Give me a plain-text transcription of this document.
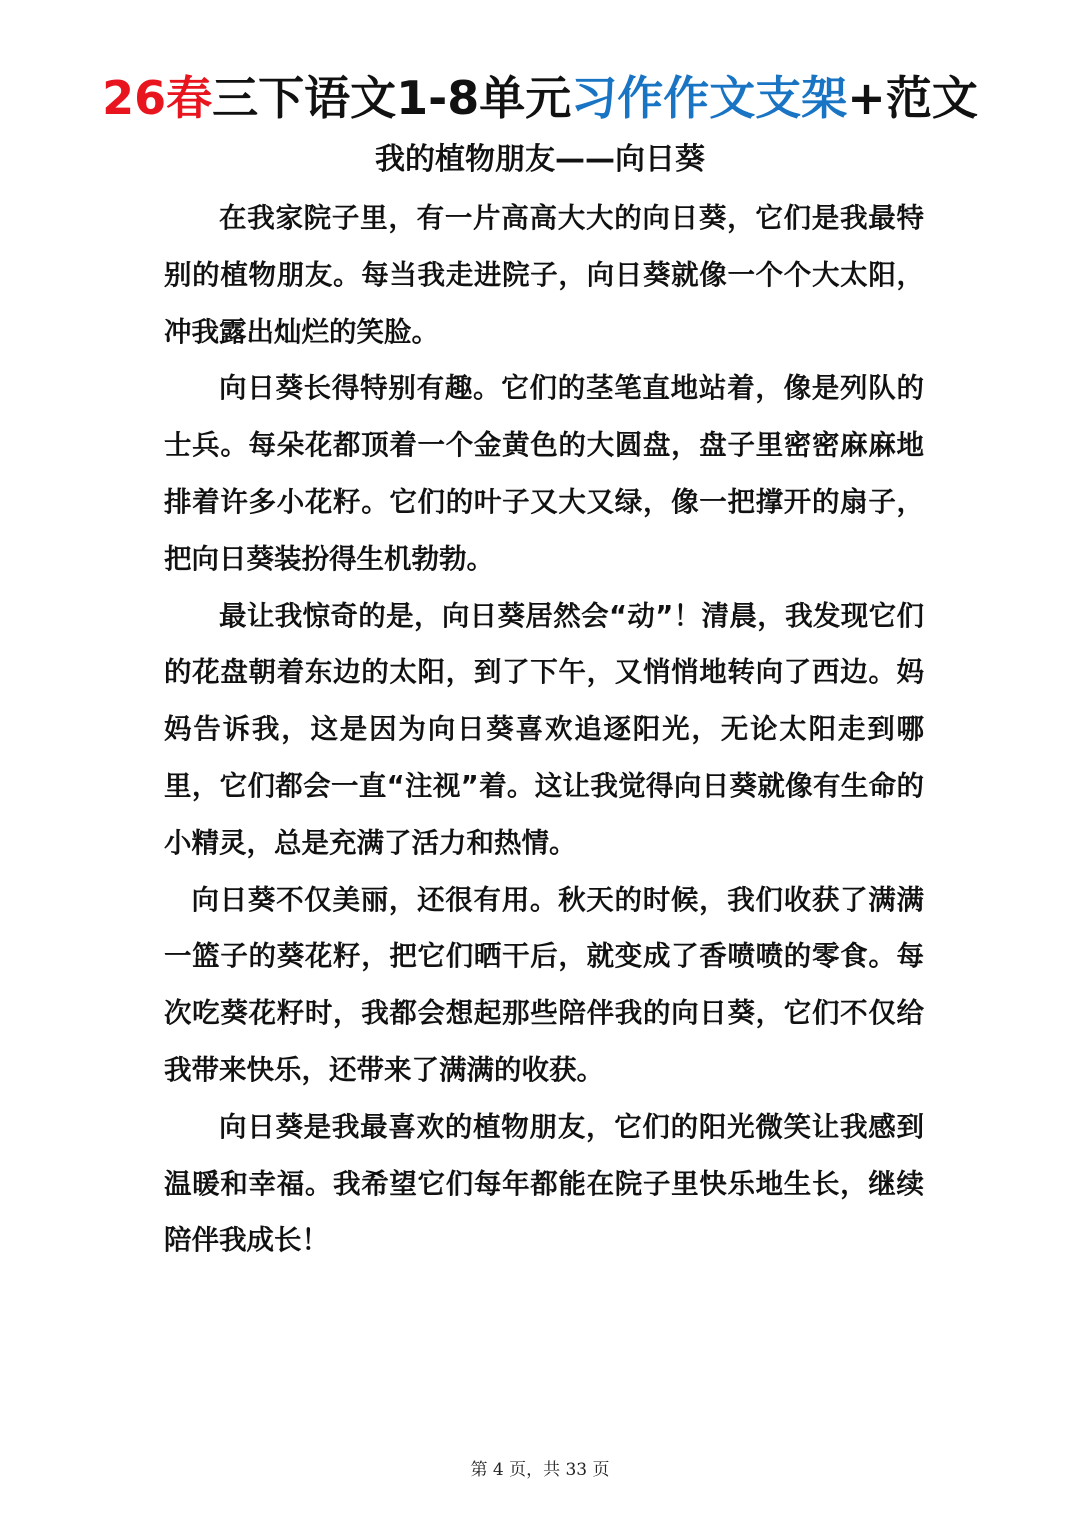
26春三下语文1-8单元习作作文支架+范文
我的植物朋友——向日葵

在我家院子里，有一片高高大大的向日葵，它们是我最特别的植物朋友。每当我走进院子，向日葵就像一个个大太阳，冲我露出灿烂的笑脸。

向日葵长得特别有趣。它们的茎笔直地站着，像是列队的士兵。每朵花都顶着一个金黄色的大圆盘，盘子里密密麻麻地排着许多小花籽。它们的叶子又大又绿，像一把撑开的扇子，把向日葵装扮得生机勃勃。

最让我惊奇的是，向日葵居然会“动”！清晨，我发现它们的花盘朝着东边的太阳，到了下午，又悄悄地转向了西边。妈妈告诉我，这是因为向日葵喜欢追逐阳光，无论太阳走到哪里，它们都会一直“注视”着。这让我觉得向日葵就像有生命的小精灵，总是充满了活力和热情。

向日葵不仅美丽，还很有用。秋天的时候，我们收获了满满一篮子的葵花籽，把它们晒干后，就变成了香喷喷的零食。每次吃葵花籽时，我都会想起那些陪伴我的向日葵，它们不仅给我带来快乐，还带来了满满的收获。

向日葵是我最喜欢的植物朋友，它们的阳光微笑让我感到温暖和幸福。我希望它们每年都能在院子里快乐地生长，继续陪伴我成长！

第 4 页，共 33 页
